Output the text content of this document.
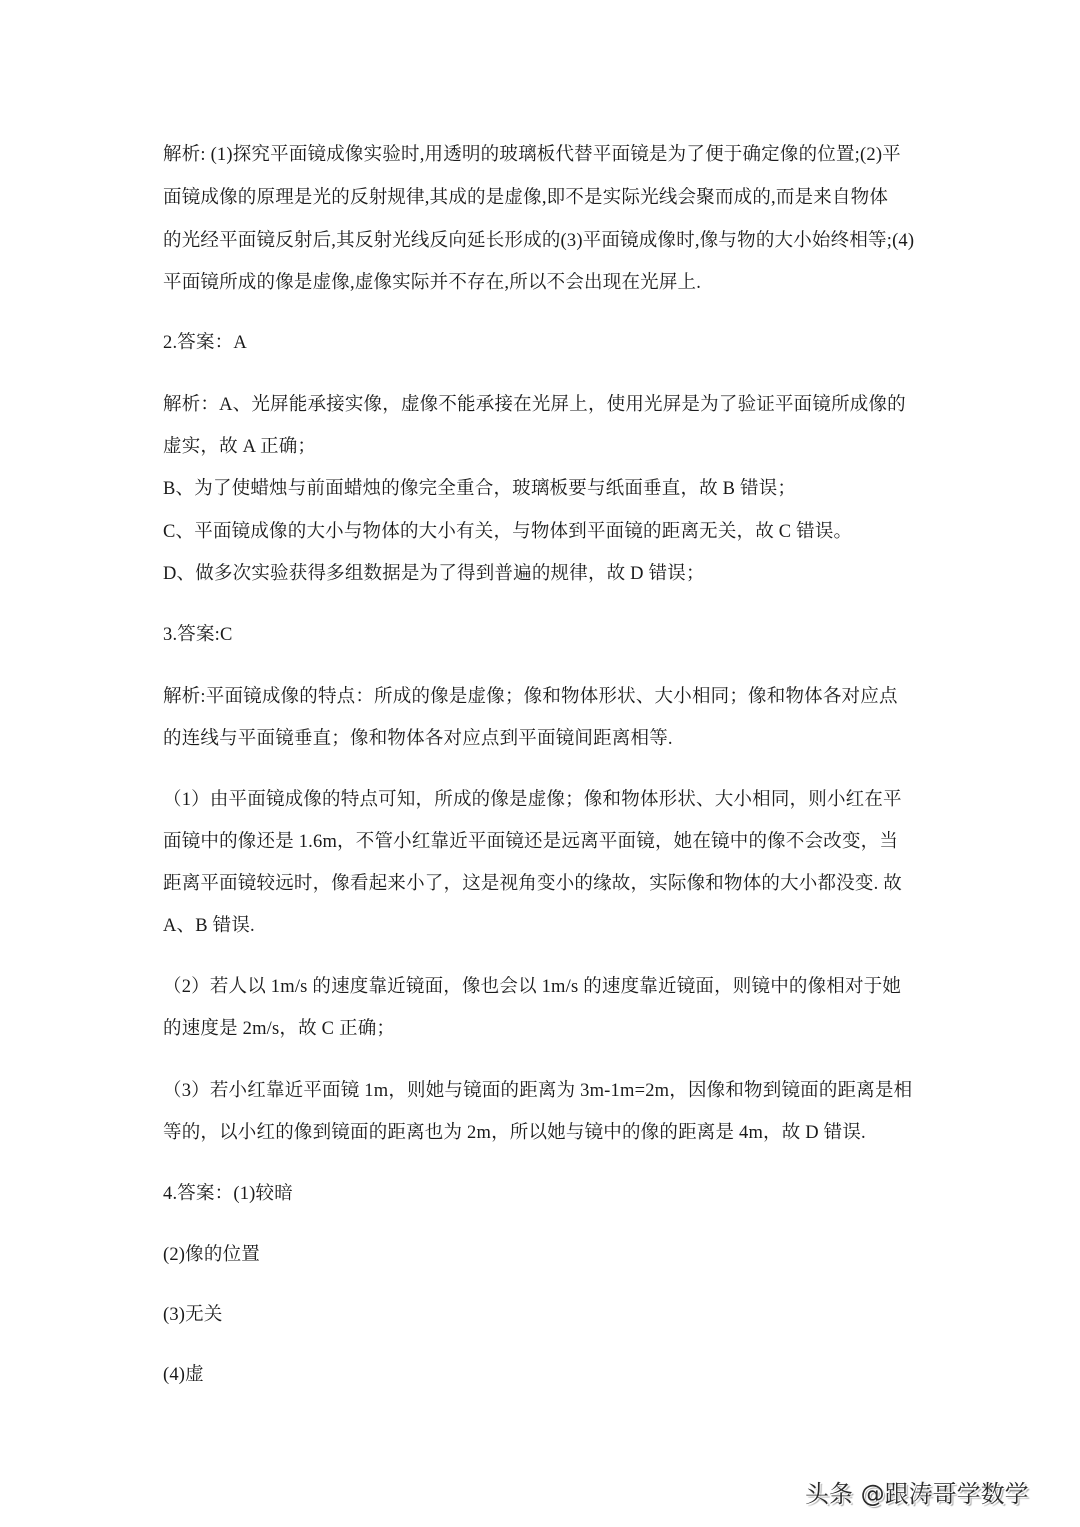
解析: (1)探究平面镜成像实验时,用透明的玻璃板代替平面镜是为了便于确定像的位置;(2)平
面镜成像的原理是光的反射规律,其成的是虚像,即不是实际光线会聚而成的,而是来自物体
的光经平面镜反射后,其反射光线反向延长形成的(3)平面镜成像时,像与物的大小始终相等;(4)
平面镜所成的像是虚像,虚像实际并不存在,所以不会出现在光屏上.
2.答案：A
解析：A、光屏能承接实像，虚像不能承接在光屏上，使用光屏是为了验证平面镜所成像的
虚实，故 A 正确；
B、为了使蜡烛与前面蜡烛的像完全重合，玻璃板要与纸面垂直，故 B 错误；
C、平面镜成像的大小与物体的大小有关，与物体到平面镜的距离无关，故 C 错误。
D、做多次实验获得多组数据是为了得到普遍的规律，故 D 错误；
3.答案:C
解析:平面镜成像的特点：所成的像是虚像；像和物体形状、大小相同；像和物体各对应点
的连线与平面镜垂直；像和物体各对应点到平面镜间距离相等.
（1）由平面镜成像的特点可知，所成的像是虚像；像和物体形状、大小相同，则小红在平
面镜中的像还是 1.6m，不管小红靠近平面镜还是远离平面镜，她在镜中的像不会改变，当
距离平面镜较远时，像看起来小了，这是视角变小的缘故，实际像和物体的大小都没变. 故
A、B 错误.
（2）若人以 1m/s 的速度靠近镜面，像也会以 1m/s 的速度靠近镜面，则镜中的像相对于她
的速度是 2m/s，故 C 正确；
（3）若小红靠近平面镜 1m，则她与镜面的距离为 3m-1m=2m，因像和物到镜面的距离是相
等的，以小红的像到镜面的距离也为 2m，所以她与镜中的像的距离是 4m，故 D 错误.
4.答案：(1)较暗
(2)像的位置
(3)无关
(4)虚
头条 @跟涛哥学数学
